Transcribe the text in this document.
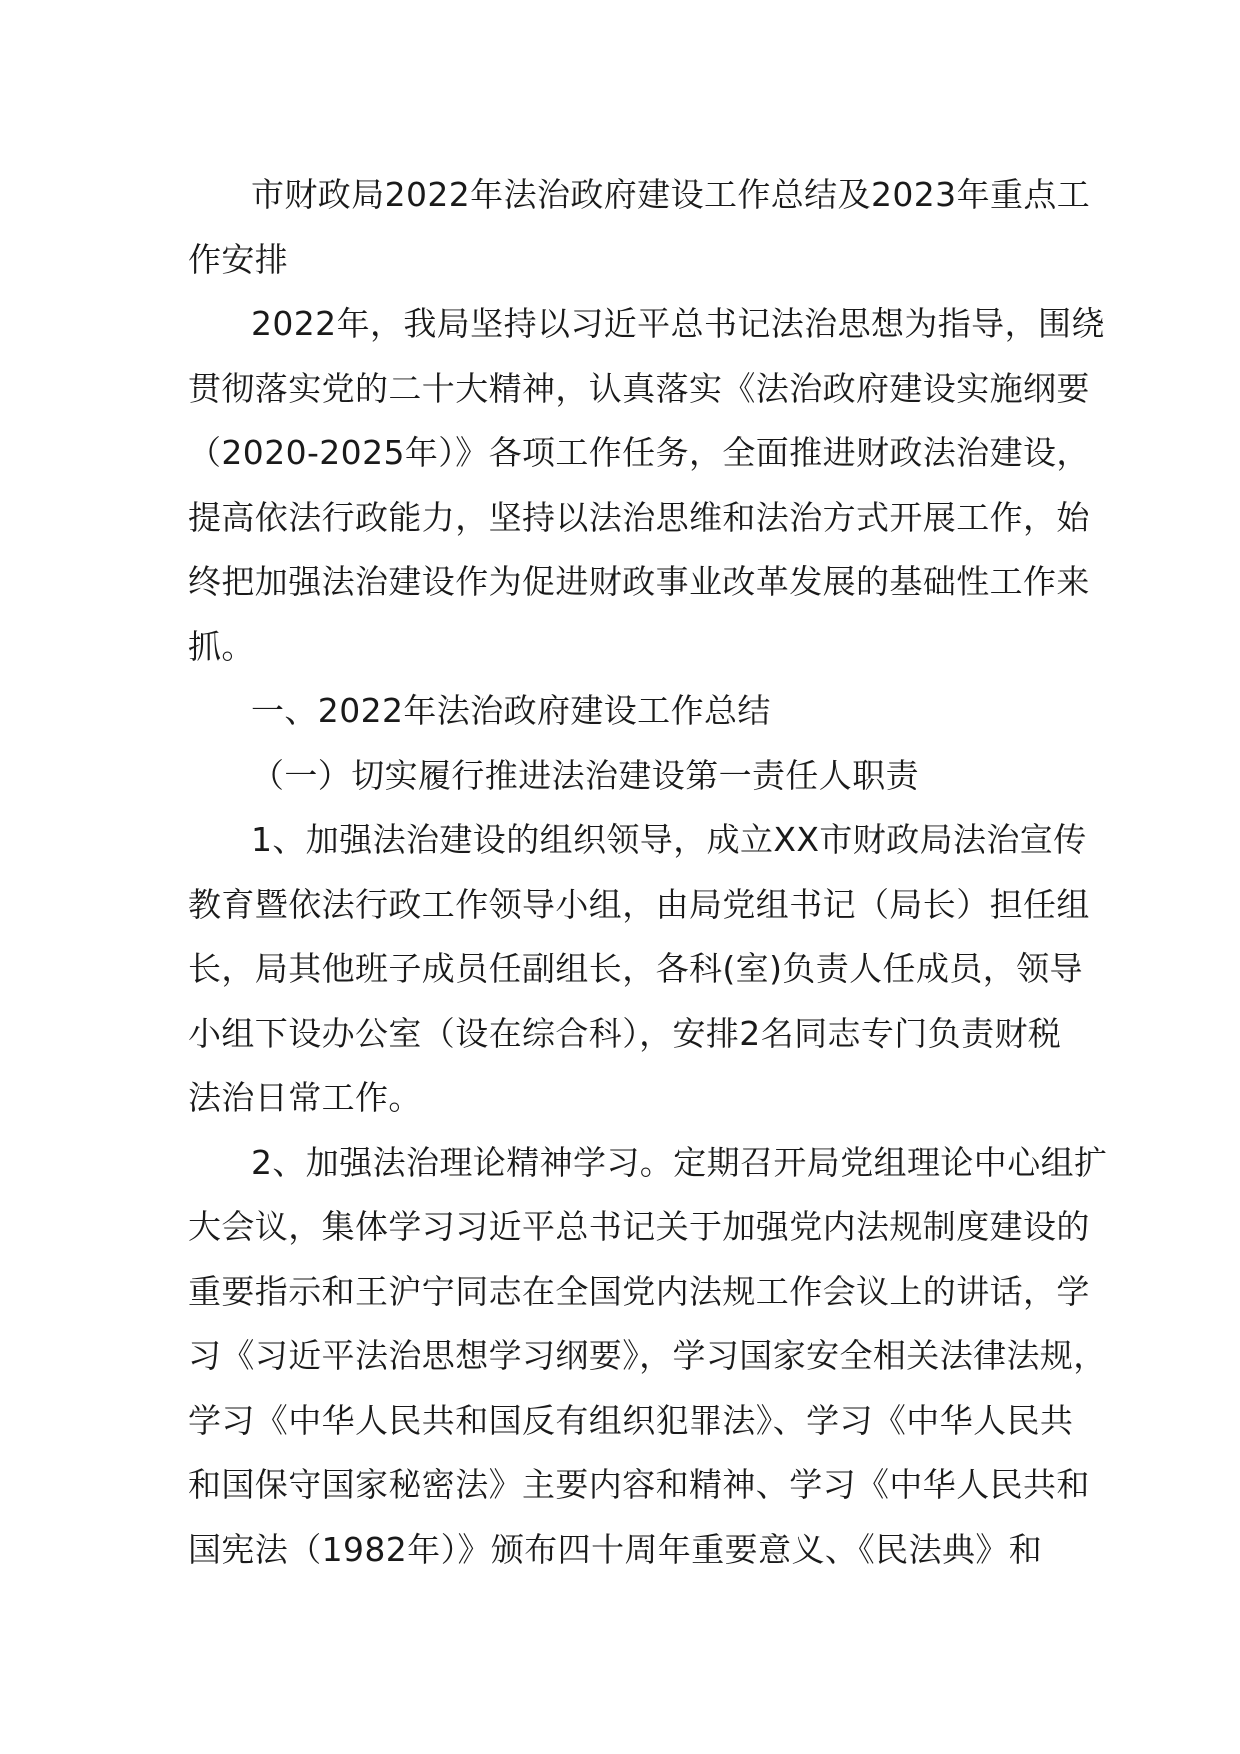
市财政局2022年法治政府建设工作总结及2023年重点工
作安排
2022年，我局坚持以习近平总书记法治思想为指导，围绕
贯彻落实党的二十大精神，认真落实《法治政府建设实施纲要
（2020-2025年）》各项工作任务，全面推进财政法治建设，
提高依法行政能力，坚持以法治思维和法治方式开展工作，始
终把加强法治建设作为促进财政事业改革发展的基础性工作来
抓。
一、2022年法治政府建设工作总结
（一）切实履行推进法治建设第一责任人职责
1、加强法治建设的组织领导，成立XX市财政局法治宣传
教育暨依法行政工作领导小组，由局党组书记（局长）担任组
长，局其他班子成员任副组长，各科(室)负责人任成员，领导
小组下设办公室（设在综合科），安排2名同志专门负责财税
法治日常工作。
2、加强法治理论精神学习。定期召开局党组理论中心组扩
大会议，集体学习习近平总书记关于加强党内法规制度建设的
重要指示和王沪宁同志在全国党内法规工作会议上的讲话，学
习《习近平法治思想学习纲要》，学习国家安全相关法律法规，
学习《中华人民共和国反有组织犯罪法》、学习《中华人民共
和国保守国家秘密法》主要内容和精神、学习《中华人民共和
国宪法（1982年）》颁布四十周年重要意义、《民法典》和
